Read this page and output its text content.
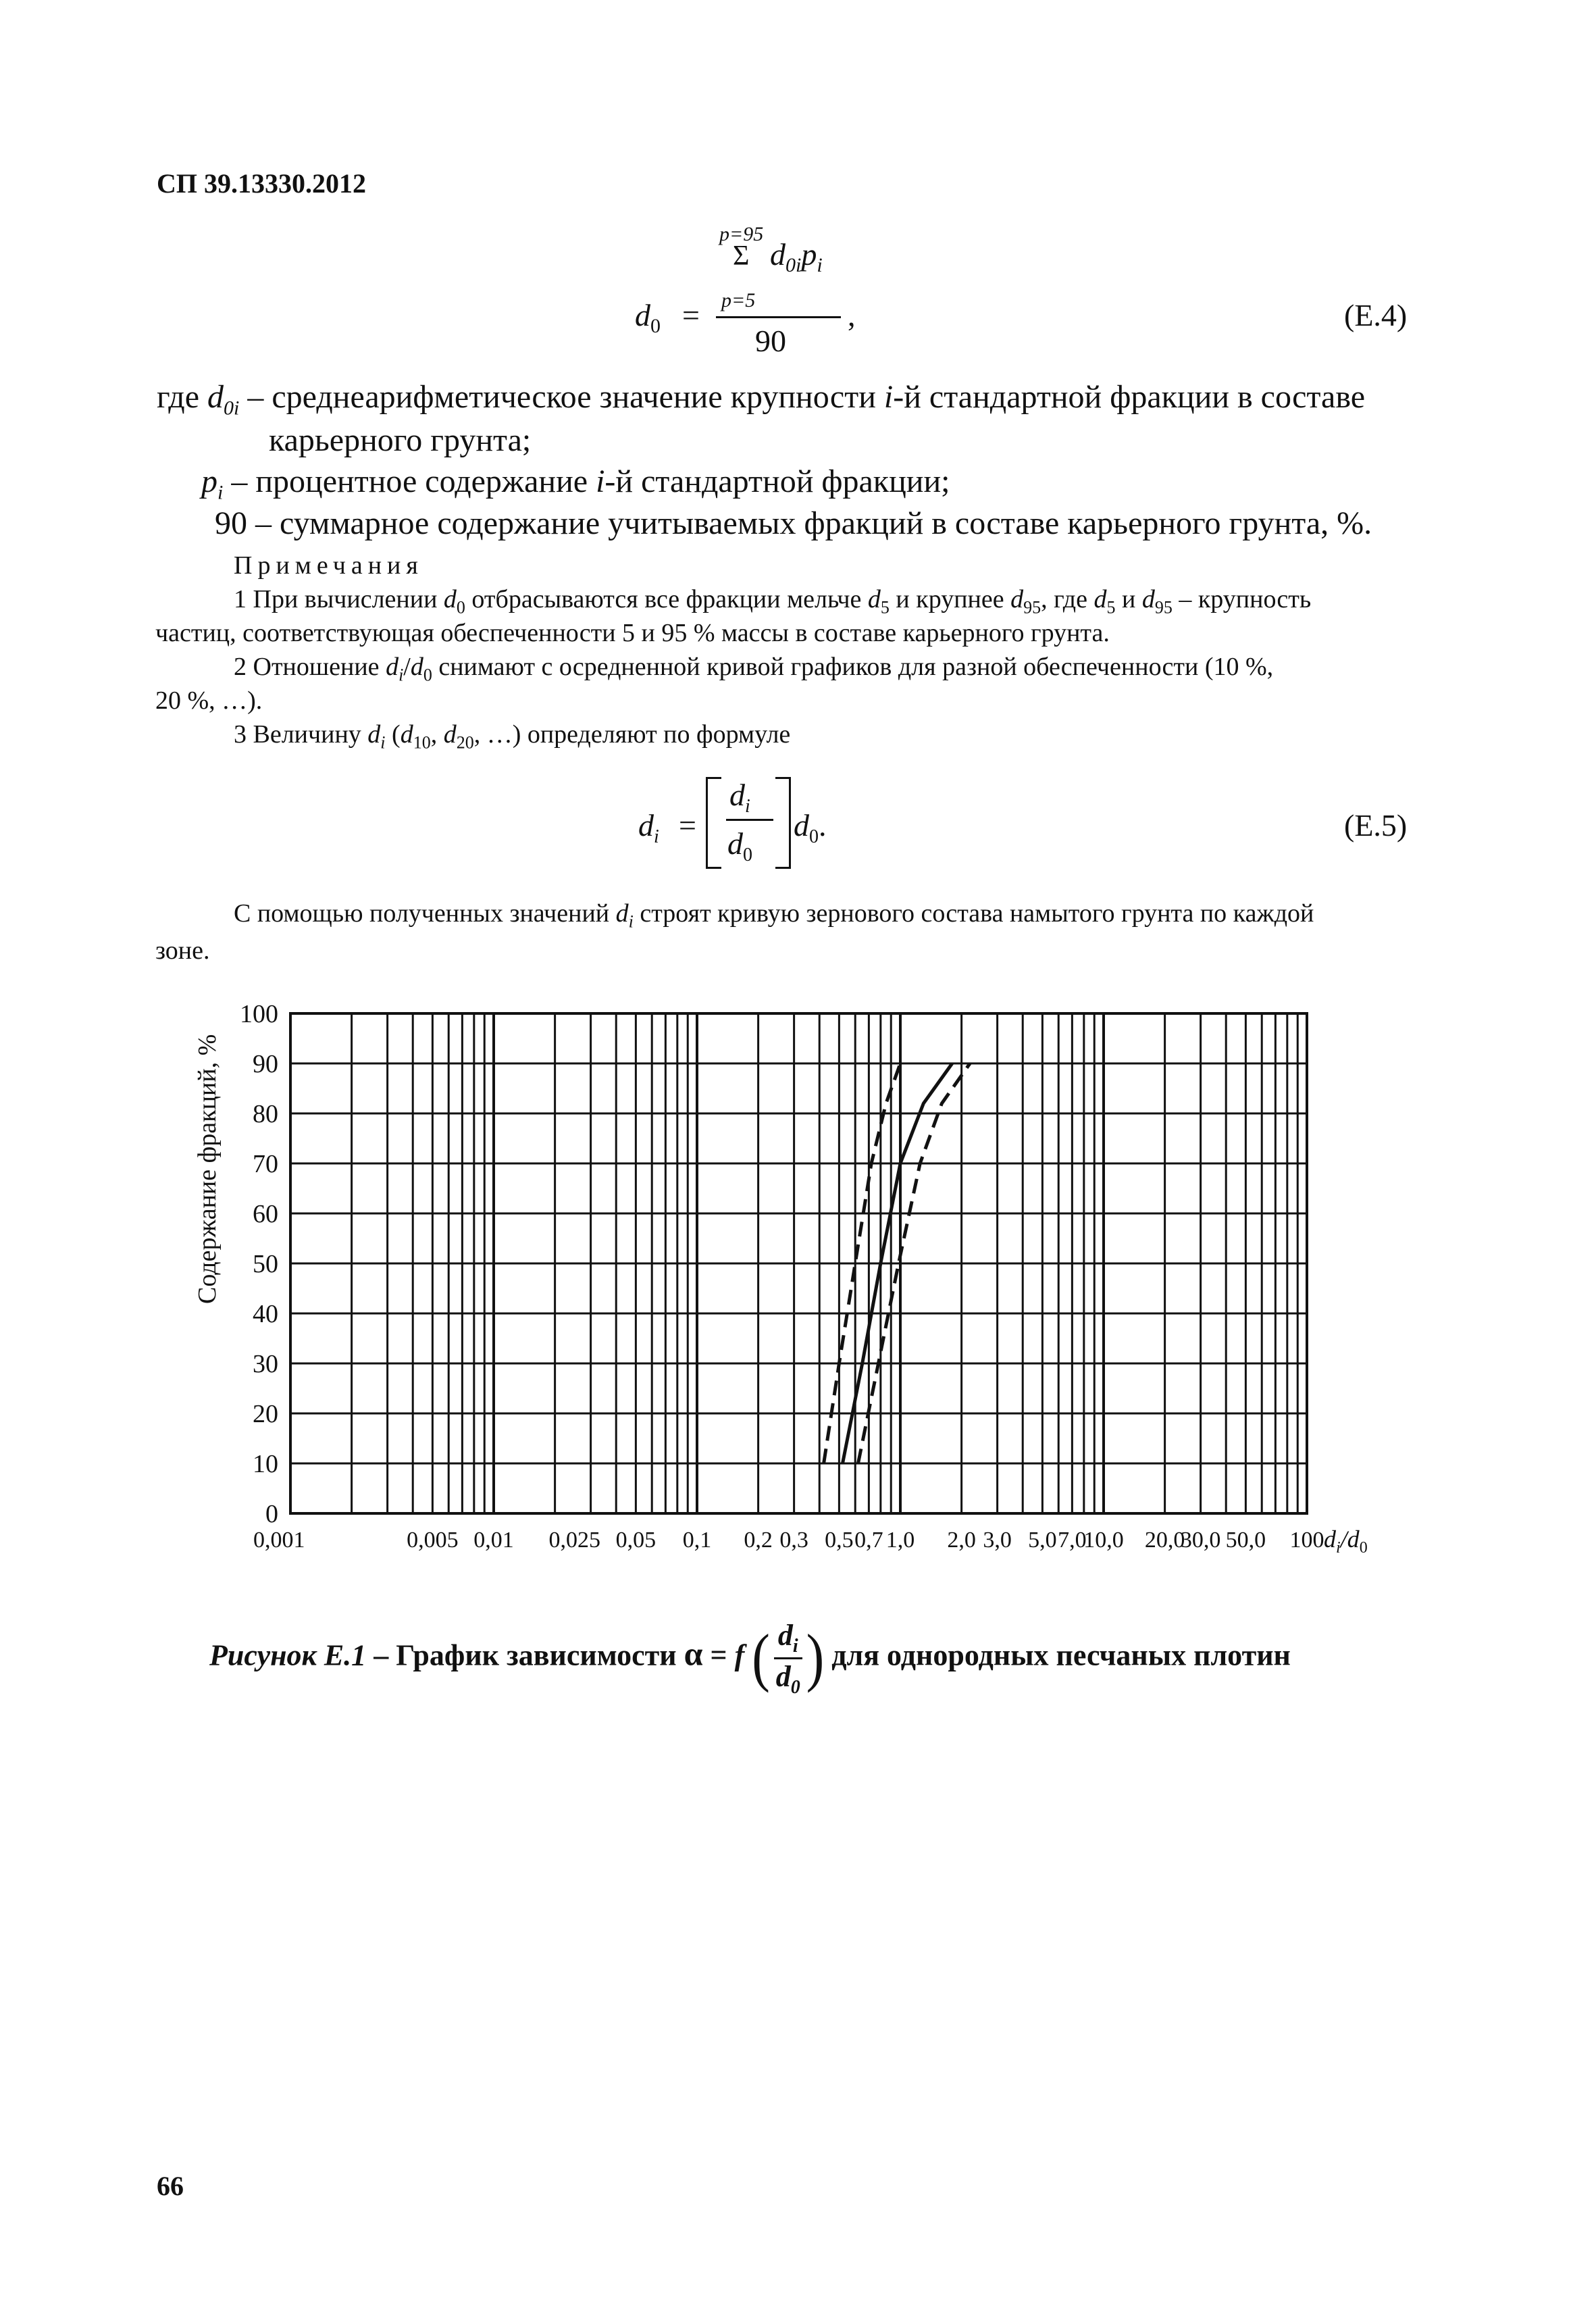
СП 39.13330.2012
p=95
Σ $d_{0i}p_i$
$d_0 = p=5$
90
,	(Е.4)
где $d_{0i}$ – среднеарифметическое значение крупности i-й стандартной фракции в составе
карьерного грунта;
$p_i$ – процентное содержание i-й стандартной фракции;
90 – суммарное содержание учитываемых фракций в составе карьерного грунта, %.
Примечания
1 При вычислении $d_0$ отбрасываются все фракции мельче $d_5$ и крупнее $d_{95}$, где $d_5$ и $d_{95}$ – крупность
частиц, соответствующая обеспеченности 5 и 95 % массы в составе карьерного грунта.
2 Отношение $d_i/d_0$ снимают с осредненной кривой графиков для разной обеспеченности (10 %,
20 %, …).
3 Величину $d_i$ ($d_{10}$, $d_{20}$, …) определяют по формуле
$d_i$ =
$d_i$
$d_0$
$d_0$.	(Е.5)
С помощью полученных значений $d_i$ строят кривую зернового состава намытого грунта по каждой
зоне.
0
10
20
30
40
50
60
70
80
90
100
0,001	0,005 0,01 0,025 0,05 0,1 0,2 0,3 0,5 0,7 1,0 2,0 3,0 5,0 7,0
10,0 20,0
30,0 50,0 100 $d_i/d_0$
Содержание фракций, %
Рисунок Е.1 – График зависимости α = f ( $\frac{d_i}{d_0}$ ) для однородных песчаных плотин
66
